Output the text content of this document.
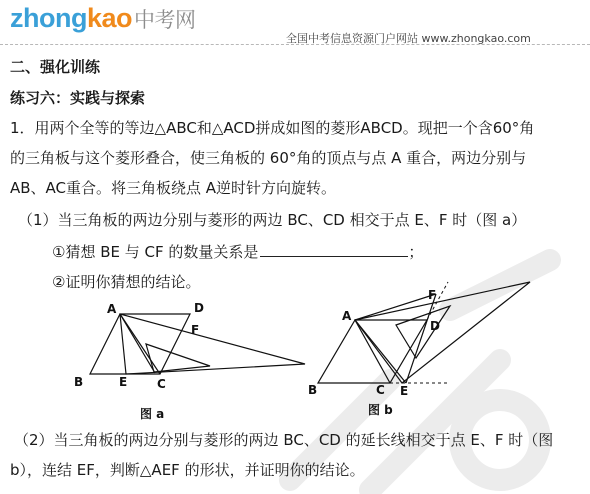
zhongkao中考网
全国中考信息资源门户网站 www.zhongkao.com
二、强化训练
练习六：实践与探索
1．用两个全等的等边△ABC和△ACD拼成如图的菱形ABCD。现把一个含60°角
的三角板与这个菱形叠合，使三角板的 60°角的顶点与点 A 重合，两边分别与
AB、AC重合。将三角板绕点 A逆时针方向旋转。
（1）当三角板的两边分别与菱形的两边 BC、CD 相交于点 E、F 时（图 a）
①猜想 BE 与 CF 的数量关系是	；
②证明你猜想的结论。
A	D
F
B	E C
图 a
A
D
F
B	C E
图 b
（2）当三角板的两边分别与菱形的两边 BC、CD 的延长线相交于点 E、F 时（图
b），连结 EF，判断△AEF 的形状，并证明你的结论。
